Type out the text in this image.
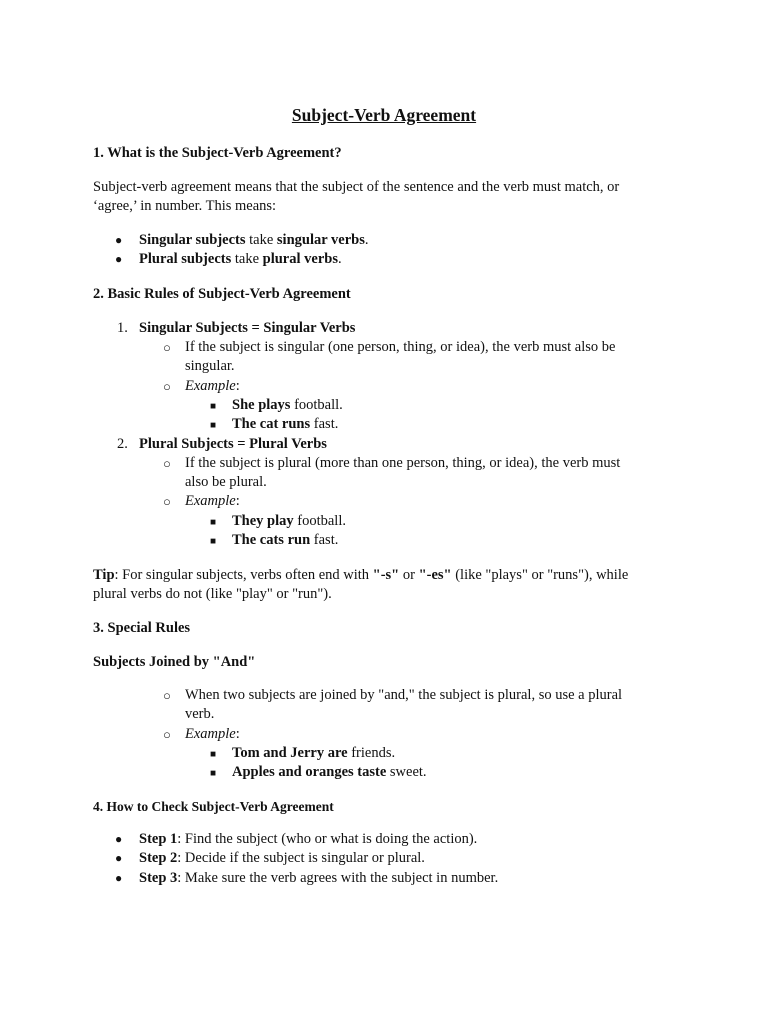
Subject-Verb Agreement
1. What is the Subject-Verb Agreement?
Subject-verb agreement means that the subject of the sentence and the verb must match, or
‘agree,’ in number. This means:
● Singular subjects take singular verbs.
● Plural subjects take plural verbs.
2. Basic Rules of Subject-Verb Agreement
1. Singular Subjects = Singular Verbs
○ If the subject is singular (one person, thing, or idea), the verb must also be
singular.
○ Example:
■ She plays football.
■ The cat runs fast.
2. Plural Subjects = Plural Verbs
○ If the subject is plural (more than one person, thing, or idea), the verb must
also be plural.
○ Example:
■ They play football.
■ The cats run fast.
Tip: For singular subjects, verbs often end with "-s" or "-es" (like "plays" or "runs"), while
plural verbs do not (like "play" or "run").
3. Special Rules
Subjects Joined by "And"
○ When two subjects are joined by "and," the subject is plural, so use a plural
verb.
○ Example:
■ Tom and Jerry are friends.
■ Apples and oranges taste sweet.
4. How to Check Subject-Verb Agreement
● Step 1: Find the subject (who or what is doing the action).
● Step 2: Decide if the subject is singular or plural.
● Step 3: Make sure the verb agrees with the subject in number.
